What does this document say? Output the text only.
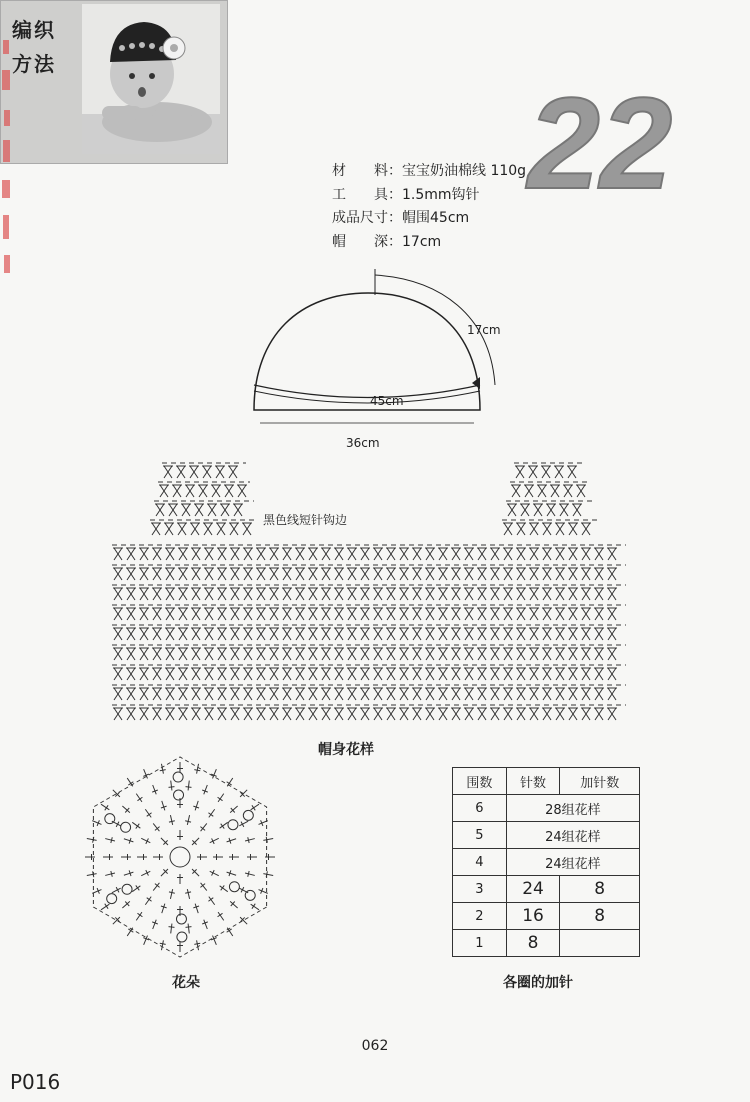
编织
方法
P016
22
材　　料：宝宝奶油棉线 110g
工　　具：1.5mm钩针
成品尺寸：帽围45cm
帽　　深：17cm
17cm
45cm
36cm
黑色线短针钩边
帽身花样
花朵
围数	针数	加针数
6	28组花样	
5	24组花样	
4	24组花样	
3	24	8
2	16	8
1	8	
各圈的加针
062
